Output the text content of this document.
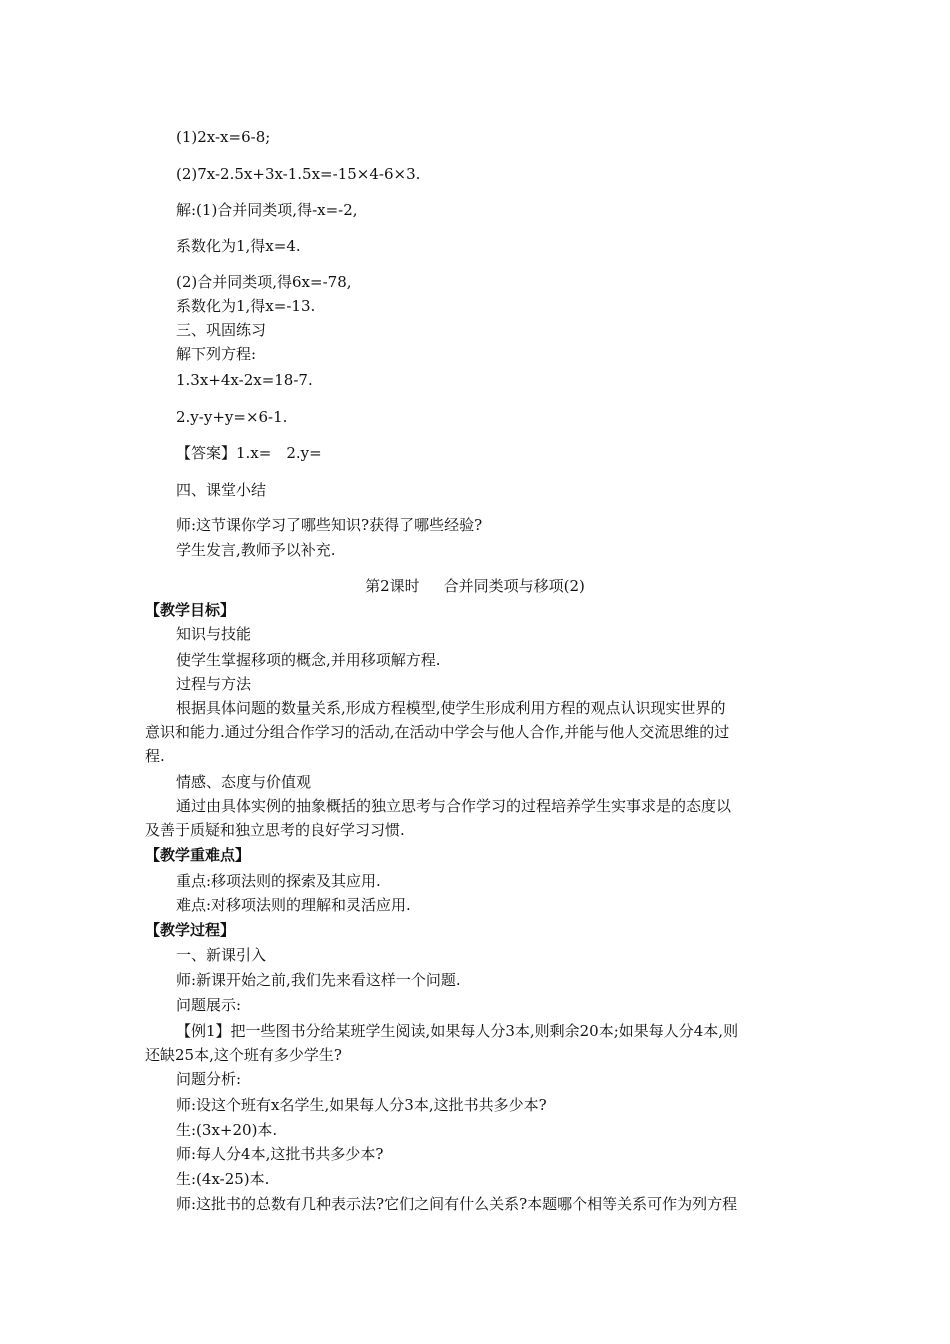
(1)2x-x=6-8;
(2)7x-2.5x+3x-1.5x=-15×4-6×3.
解:(1)合并同类项,得-x=-2,
系数化为1,得x=4.
(2)合并同类项,得6x=-78,
系数化为1,得x=-13.
三、巩固练习
解下列方程:
1.3x+4x-2x=18-7.
2.y-y+y=×6-1.
【答案】1.x=　2.y=
四、课堂小结
师:这节课你学习了哪些知识?获得了哪些经验?
学生发言,教师予以补充.
第2课时 合并同类项与移项(2)
【教学目标】
知识与技能
使学生掌握移项的概念,并用移项解方程.
过程与方法
根据具体问题的数量关系,形成方程模型,使学生形成利用方程的观点认识现实世界的
意识和能力.通过分组合作学习的活动,在活动中学会与他人合作,并能与他人交流思维的过
程.
情感、态度与价值观
通过由具体实例的抽象概括的独立思考与合作学习的过程培养学生实事求是的态度以
及善于质疑和独立思考的良好学习习惯.
【教学重难点】
重点:移项法则的探索及其应用.
难点:对移项法则的理解和灵活应用.
【教学过程】
一、新课引入
师:新课开始之前,我们先来看这样一个问题.
问题展示:
【例1】把一些图书分给某班学生阅读,如果每人分3本,则剩余20本;如果每人分4本,则
还缺25本,这个班有多少学生?
问题分析:
师:设这个班有x名学生,如果每人分3本,这批书共多少本?
生:(3x+20)本.
师:每人分4本,这批书共多少本?
生:(4x-25)本.
师:这批书的总数有几种表示法?它们之间有什么关系?本题哪个相等关系可作为列方程
